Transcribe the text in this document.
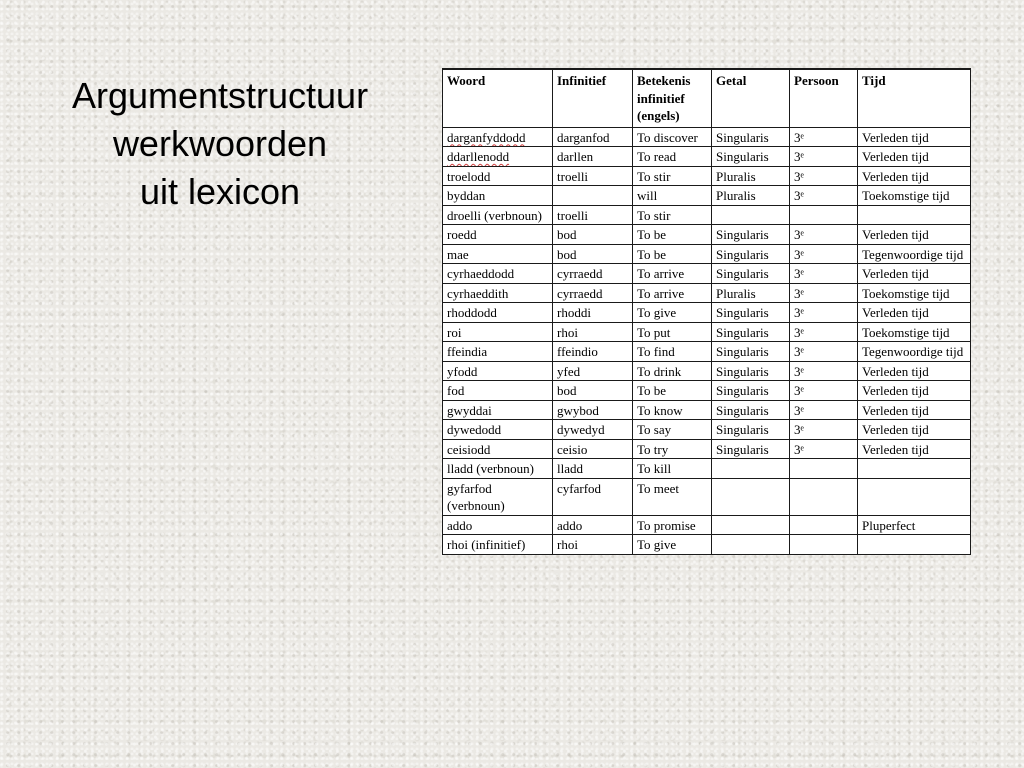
Argumentstructuur
werkwoorden
uit lexicon
Woord	Infinitief	Betekenis infinitief (engels)	Getal	Persoon	Tijd
darganfyddodd	darganfod	To discover	Singularis	3ᵉ	Verleden tijd
ddarllenodd	darllen	To read	Singularis	3ᵉ	Verleden tijd
troelodd	troelli	To stir	Pluralis	3ᵉ	Verleden tijd
byddan		will	Pluralis	3ᵉ	Toekomstige tijd
droelli (verbnoun)	troelli	To stir			
roedd	bod	To be	Singularis	3ᵉ	Verleden tijd
mae	bod	To be	Singularis	3ᵉ	Tegenwoordige tijd
cyrhaeddodd	cyrraedd	To arrive	Singularis	3ᵉ	Verleden tijd
cyrhaeddith	cyrraedd	To arrive	Pluralis	3ᵉ	Toekomstige tijd
rhoddodd	rhoddi	To give	Singularis	3ᵉ	Verleden tijd
roi	rhoi	To put	Singularis	3ᵉ	Toekomstige tijd
ffeindia	ffeindio	To find	Singularis	3ᵉ	Tegenwoordige tijd
yfodd	yfed	To drink	Singularis	3ᵉ	Verleden tijd
fod	bod	To be	Singularis	3ᵉ	Verleden tijd
gwyddai	gwybod	To know	Singularis	3ᵉ	Verleden tijd
dywedodd	dywedyd	To say	Singularis	3ᵉ	Verleden tijd
ceisiodd	ceisio	To try	Singularis	3ᵉ	Verleden tijd
lladd (verbnoun)	lladd	To kill			
gyfarfod (verbnoun)	cyfarfod	To meet			
addo	addo	To promise			Pluperfect
rhoi (infinitief)	rhoi	To give			
